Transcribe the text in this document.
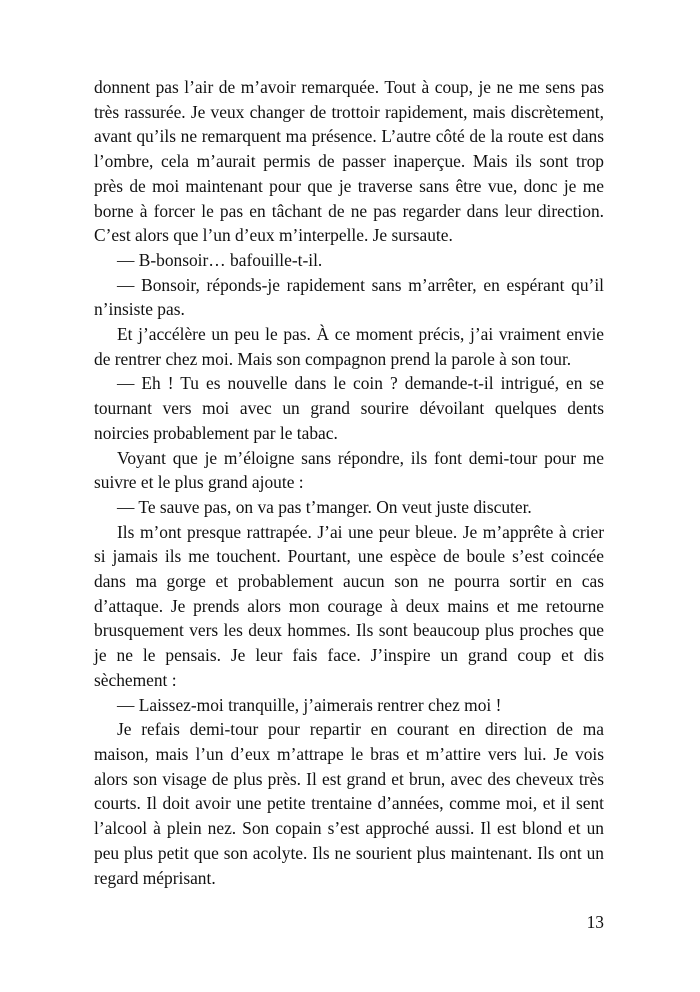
donnent pas l’air de m’avoir remarquée. Tout à coup, je ne me sens pas très rassurée. Je veux changer de trottoir rapidement, mais discrètement, avant qu’ils ne remarquent ma présence. L’autre côté de la route est dans l’ombre, cela m’aurait permis de passer inaperçue. Mais ils sont trop près de moi maintenant pour que je traverse sans être vue, donc je me borne à forcer le pas en tâchant de ne pas regarder dans leur direction. C’est alors que l’un d’eux m’interpelle. Je sursaute.

— B-bonsoir… bafouille-t-il.

— Bonsoir, réponds-je rapidement sans m’arrêter, en espérant qu’il n’insiste pas.

Et j’accélère un peu le pas. À ce moment précis, j’ai vraiment envie de rentrer chez moi. Mais son compagnon prend la parole à son tour.

— Eh ! Tu es nouvelle dans le coin ? demande-t-il intrigué, en se tournant vers moi avec un grand sourire dévoilant quelques dents noircies probablement par le tabac.

Voyant que je m’éloigne sans répondre, ils font demi-tour pour me suivre et le plus grand ajoute :

— Te sauve pas, on va pas t’manger. On veut juste discuter.

Ils m’ont presque rattrapée. J’ai une peur bleue. Je m’apprête à crier si jamais ils me touchent. Pourtant, une espèce de boule s’est coincée dans ma gorge et probablement aucun son ne pourra sortir en cas d’attaque. Je prends alors mon courage à deux mains et me retourne brusquement vers les deux hommes. Ils sont beaucoup plus proches que je ne le pensais. Je leur fais face. J’inspire un grand coup et dis sèchement :

— Laissez-moi tranquille, j’aimerais rentrer chez moi !

Je refais demi-tour pour repartir en courant en direction de ma maison, mais l’un d’eux m’attrape le bras et m’attire vers lui. Je vois alors son visage de plus près. Il est grand et brun, avec des cheveux très courts. Il doit avoir une petite trentaine d’années, comme moi, et il sent l’alcool à plein nez. Son copain s’est approché aussi. Il est blond et un peu plus petit que son acolyte. Ils ne sourient plus maintenant. Ils ont un regard méprisant.

13
